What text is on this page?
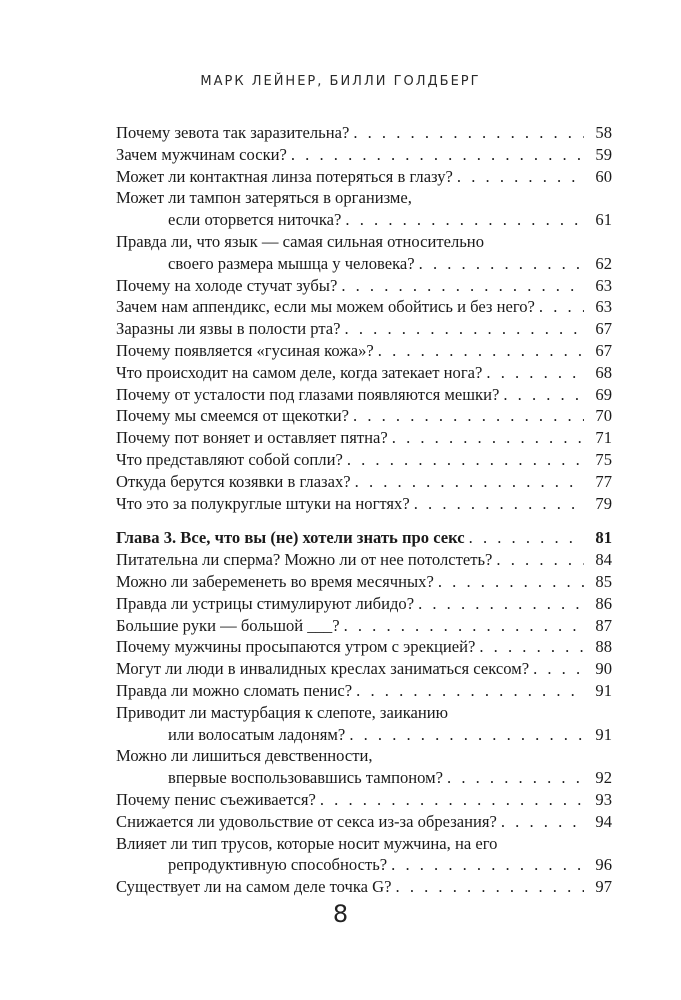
МАРК ЛЕЙНЕР, БИЛЛИ ГОЛДБЕРГ
Почему зевота так заразительна? . . .	58
Зачем мужчинам соски? . . .	59
Может ли контактная линза потеряться в глазу? . . .	60
Может ли тампон затеряться в организме,
если оторвется ниточка? . . .	61
Правда ли, что язык — самая сильная относительно
своего размера мышца у человека? . . .	62
Почему на холоде стучат зубы? . . .	63
Зачем нам аппендикс, если мы можем обойтись и без него? . . .	63
Заразны ли язвы в полости рта? . . .	67
Почему появляется «гусиная кожа»? . . .	67
Что происходит на самом деле, когда затекает нога? . . .	68
Почему от усталости под глазами появляются мешки? . . .	69
Почему мы смеемся от щекотки? . . .	70
Почему пот воняет и оставляет пятна? . . .	71
Что представляют собой сопли? . . .	75
Откуда берутся козявки в глазах? . . .	77
Что это за полукруглые штуки на ногтях? . . .	79
Глава 3. Все, что вы (не) хотели знать про секс . . .	81
Питательна ли сперма? Можно ли от нее потолстеть? . . .	84
Можно ли забеременеть во время месячных? . . .	85
Правда ли устрицы стимулируют либидо? . . .	86
Большие руки — большой ___? . . .	87
Почему мужчины просыпаются утром с эрекцией? . . .	88
Могут ли люди в инвалидных креслах заниматься сексом? . . .	90
Правда ли можно сломать пенис? . . .	91
Приводит ли мастурбация к слепоте, заиканию
или волосатым ладоням? . . .	91
Можно ли лишиться девственности,
впервые воспользовавшись тампоном? . . .	92
Почему пенис съеживается? . . .	93
Снижается ли удовольствие от секса из-за обрезания? . . .	94
Влияет ли тип трусов, которые носит мужчина, на его
репродуктивную способность? . . .	96
Существует ли на самом деле точка G? . . .	97
8
